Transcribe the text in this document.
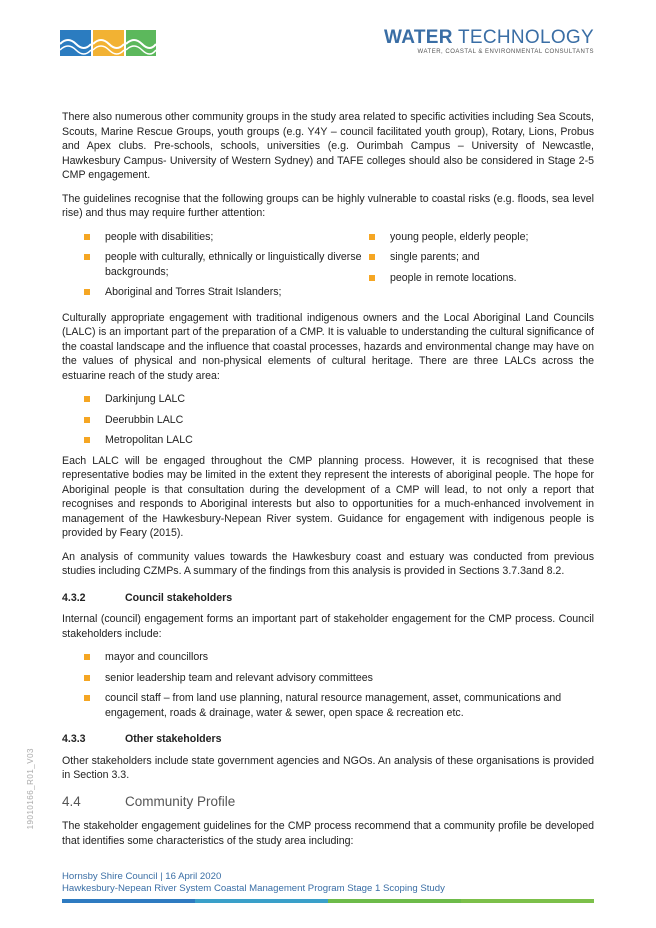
WATER TECHNOLOGY
WATER, COASTAL & ENVIRONMENTAL CONSULTANTS

There also numerous other community groups in the study area related to specific activities including Sea Scouts, Scouts, Marine Rescue Groups, youth groups (e.g. Y4Y – council facilitated youth group), Rotary, Lions, Probus and Apex clubs. Pre-schools, schools, universities (e.g. Ourimbah Campus – University of Newcastle, Hawkesbury Campus- University of Western Sydney) and TAFE colleges should also be considered in Stage 2-5 CMP engagement.

The guidelines recognise that the following groups can be highly vulnerable to coastal risks (e.g. floods, sea level rise) and thus may require further attention:

people with disabilities;
people with culturally, ethnically or linguistically diverse backgrounds;
Aboriginal and Torres Strait Islanders;
young people, elderly people;
single parents; and
people in remote locations.

Culturally appropriate engagement with traditional indigenous owners and the Local Aboriginal Land Councils (LALC) is an important part of the preparation of a CMP. It is valuable to understanding the cultural significance of the coastal landscape and the influence that coastal processes, hazards and environmental change may have on the values of physical and non-physical elements of cultural heritage. There are three LALCs across the estuarine reach of the study area:

Darkinjung LALC
Deerubbin LALC
Metropolitan LALC

Each LALC will be engaged throughout the CMP planning process. However, it is recognised that these representative bodies may be limited in the extent they represent the interests of aboriginal people. The hope for Aboriginal people is that consultation during the development of a CMP will lead, to not only a report that recognises and responds to Aboriginal interests but also to opportunities for a much-enhanced involvement in management of the Hawkesbury-Nepean River system. Guidance for engagement with indigenous people is provided by Feary (2015).

An analysis of community values towards the Hawkesbury coast and estuary was conducted from previous studies including CZMPs. A summary of the findings from this analysis is provided in Sections 3.7.3and 8.2.

4.3.2	Council stakeholders

Internal (council) engagement forms an important part of stakeholder engagement for the CMP process. Council stakeholders include:

mayor and councillors
senior leadership team and relevant advisory committees
council staff – from land use planning, natural resource management, asset, communications and engagement, roads & drainage, water & sewer, open space & recreation etc.
4.3.3	Other stakeholders

Other stakeholders include state government agencies and NGOs. An analysis of these organisations is provided in Section 3.3.

4.4	Community Profile

The stakeholder engagement guidelines for the CMP process recommend that a community profile be developed that identifies some characteristics of the study area including:

19010166_R01_V03
Hornsby Shire Council | 16 April 2020
Hawkesbury-Nepean River System Coastal Management Program Stage 1 Scoping Study
